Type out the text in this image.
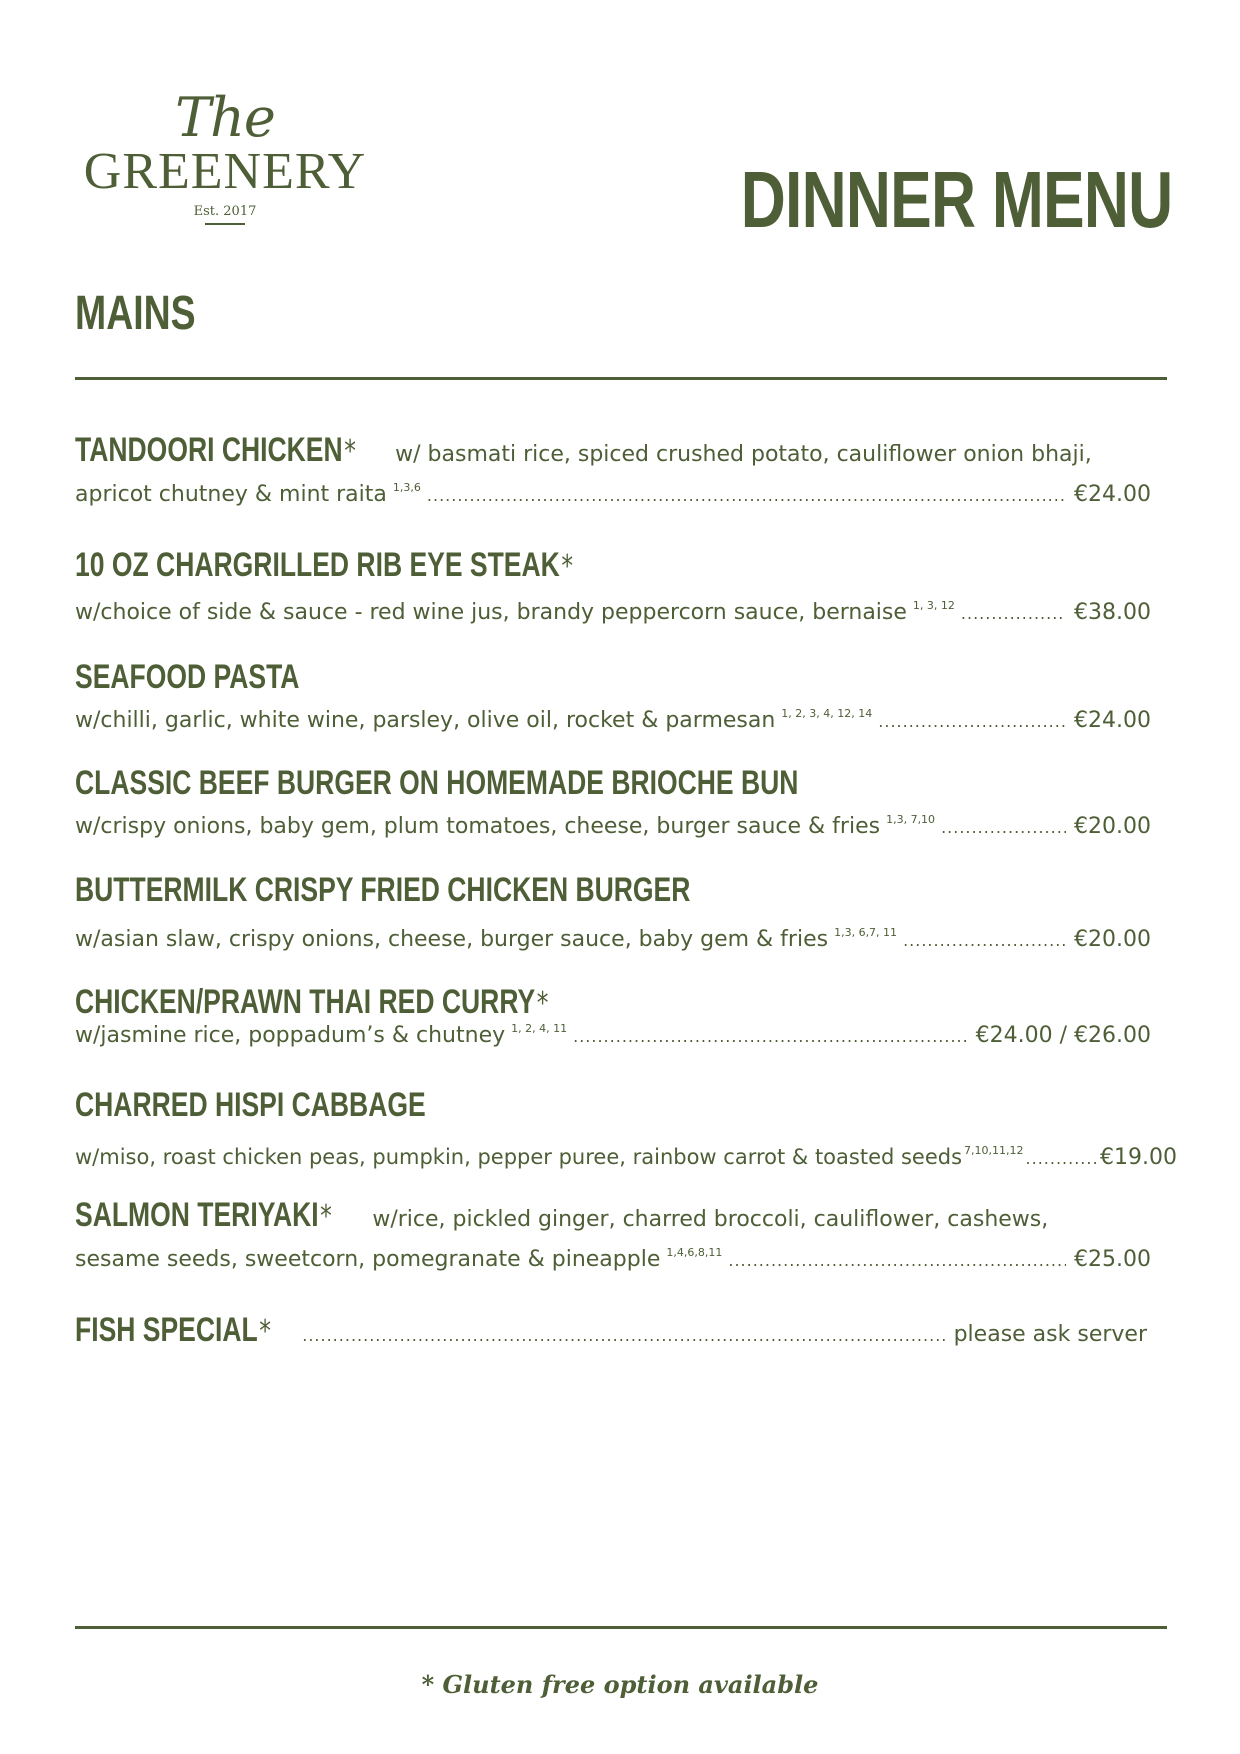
The
GREENERY
Est. 2017	DINNER MENU
MAINS
TANDOORI CHICKEN* w/ basmati rice, spiced crushed potato, cauliflower onion bhaji,
apricot chutney & mint raita 1,3,6 .....	€24.00
10 OZ CHARGRILLED RIB EYE STEAK*
w/choice of side & sauce - red wine jus, brandy peppercorn sauce, bernaise 1, 3, 12 .....	€38.00
SEAFOOD PASTA
w/chilli, garlic, white wine, parsley, olive oil, rocket & parmesan 1, 2, 3, 4, 12, 14 .....	€24.00
CLASSIC BEEF BURGER ON HOMEMADE BRIOCHE BUN
w/crispy onions, baby gem, plum tomatoes, cheese, burger sauce & fries 1,3, 7,10 .....	€20.00
BUTTERMILK CRISPY FRIED CHICKEN BURGER
w/asian slaw, crispy onions, cheese, burger sauce, baby gem & fries 1,3, 6,7, 11 .....	€20.00
CHICKEN/PRAWN THAI RED CURRY*
w/jasmine rice, poppadum’s & chutney 1, 2, 4, 11 .....	€24.00 / €26.00
CHARRED HISPI CABBAGE
w/miso, roast chicken peas, pumpkin, pepper puree, rainbow carrot & toasted seeds 7,10,11,12 .....	€19.00
SALMON TERIYAKI* w/rice, pickled ginger, charred broccoli, cauliflower, cashews,
sesame seeds, sweetcorn, pomegranate & pineapple 1,4,6,8,11 .....	€25.00
FISH SPECIAL* .....	please ask server
* Gluten free option available
